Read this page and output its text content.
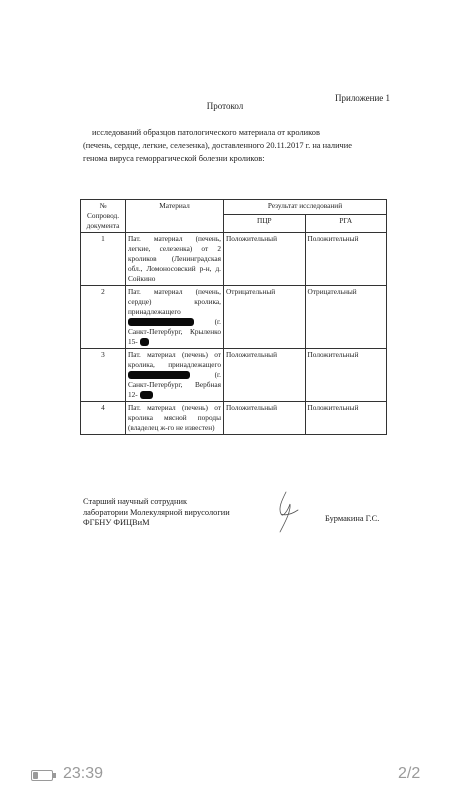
Приложение 1
Протокол
исследований образцов патологического материала от кроликов
(печень, сердце, легкие, селезенка), доставленного 20.11.2017 г. на наличие
генома вируса геморрагической болезни кроликов:
№ Сопровод. документа	Материал	Результат исследований	
		ПЦР	РГА
1	Пат. материал (печень, легкие, селезенка) от 2 кроликов (Ленинградская обл., Ломоносовский р-н, д. Сойкино	Положительный	Положительный
2	Пат. материал (печень, сердце) кролика, принадлежащего  (г. Санкт-Петербург, Крыленко 15-	Отрицательный	Отрицательный
3	Пат. материал (печень) от кролика, принадлежащего  (г. Санкт-Петербург, Вербная 12-	Положительный	Положительный
4	Пат. материал (печень) от кролика мясной породы (владелец ж-го не известен)	Положительный	Положительный
Старший научный сотрудник
лаборатории Молекулярной вирусологии
ФГБНУ ФИЦВиМ	Бурмакина Г.С.
23:39	2/2
